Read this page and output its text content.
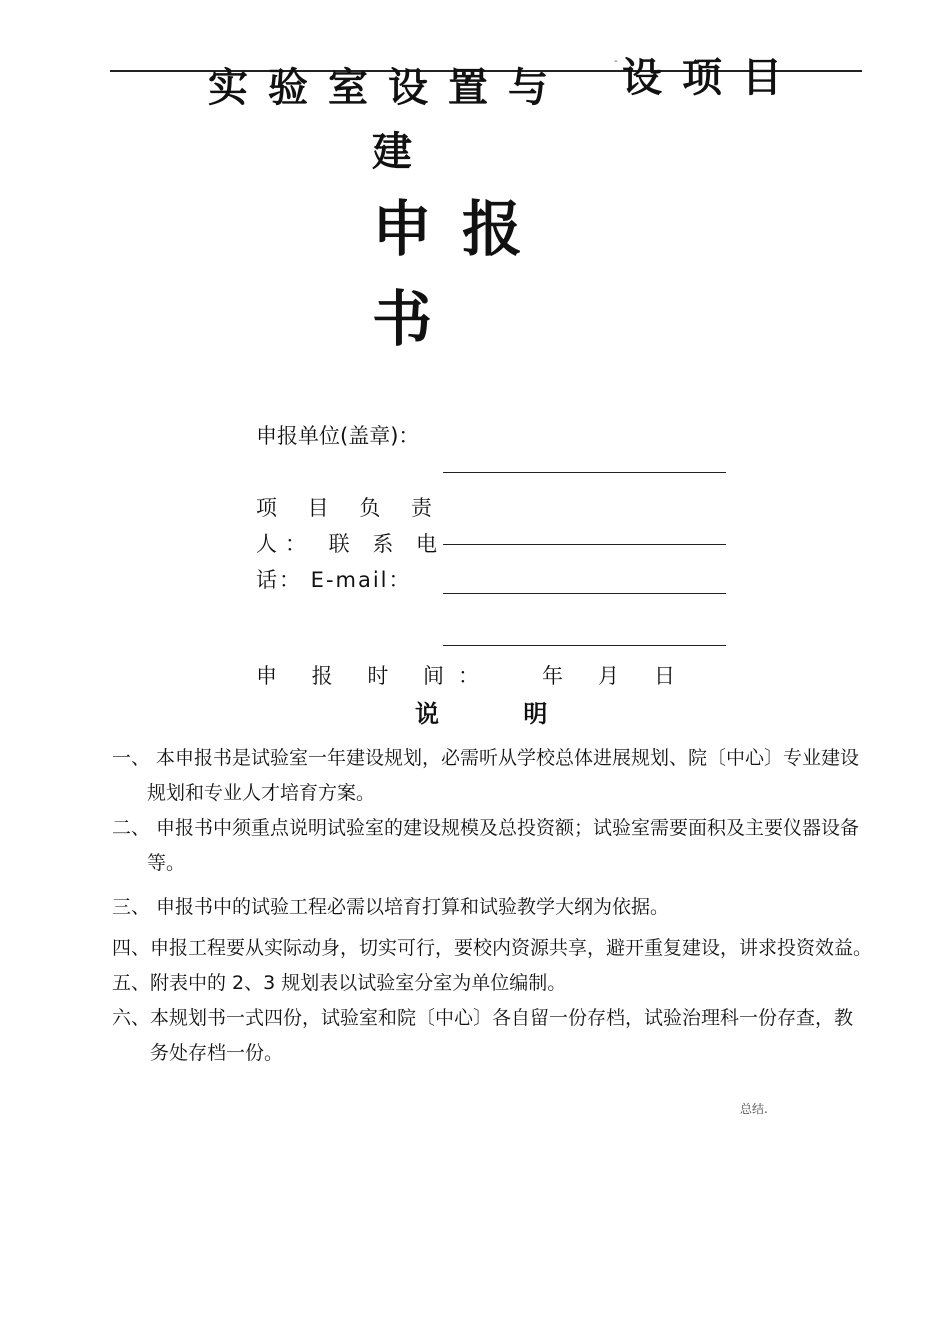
-
实验室设置与 设项目
建
申报
书
申报单位(盖章)：
项 目 负 责
人： 联 系 电
话： E-mail：
申 报 时 间： 年 月 日
说 明
一、 本申报书是试验室一年建设规划，必需听从学校总体进展规划、院〔中心〕专业建设
规划和专业人才培育方案。
二、 申报书中须重点说明试验室的建设规模及总投资额；试验室需要面积及主要仪器设备
等。
三、 申报书中的试验工程必需以培育打算和试验教学大纲为依据。
四、申报工程要从实际动身，切实可行，要校内资源共享，避开重复建设，讲求投资效益。
五、附表中的 2、3 规划表以试验室分室为单位编制。
六、本规划书一式四份，试验室和院〔中心〕各自留一份存档，试验治理科一份存查，教
务处存档一份。
总结.
